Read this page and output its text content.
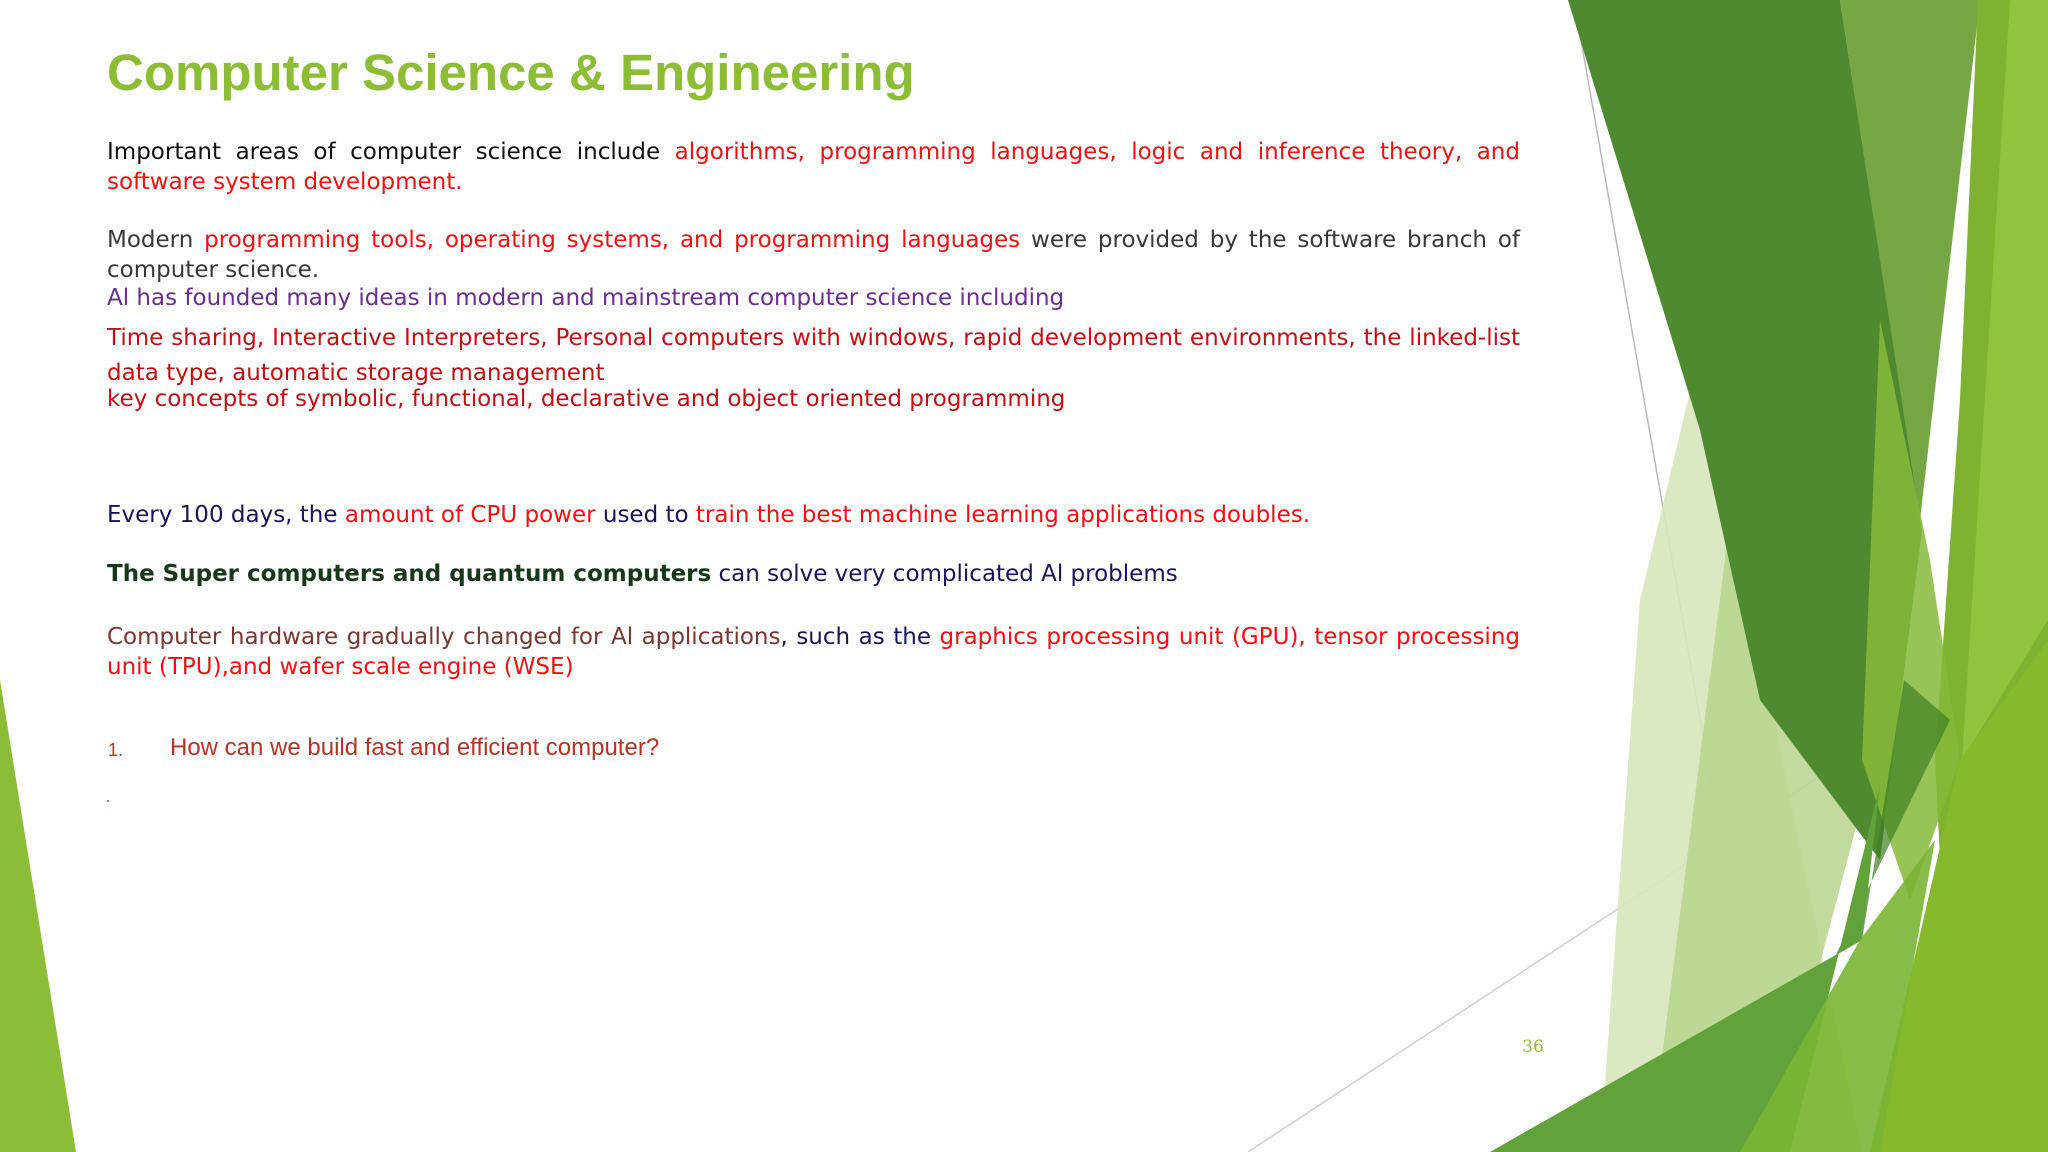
Computer Science & Engineering

Important areas of computer science include algorithms, programming languages, logic and inference theory, and software system development.

Modern programming tools, operating systems, and programming languages were provided by the software branch of computer science.

Al has founded many ideas in modern and mainstream computer science including

Time sharing, Interactive Interpreters, Personal computers with windows, rapid development environments, the linked-list data type, automatic storage management

key concepts of symbolic, functional, declarative and object oriented programming

Every 100 days, the amount of CPU power used to train the best machine learning applications doubles.

The Super computers and quantum computers can solve very complicated Al problems

Computer hardware gradually changed for Al applications, such as the graphics processing unit (GPU), tensor processing unit (TPU),and wafer scale engine (WSE)

1. How can we build fast and efficient computer?
36
